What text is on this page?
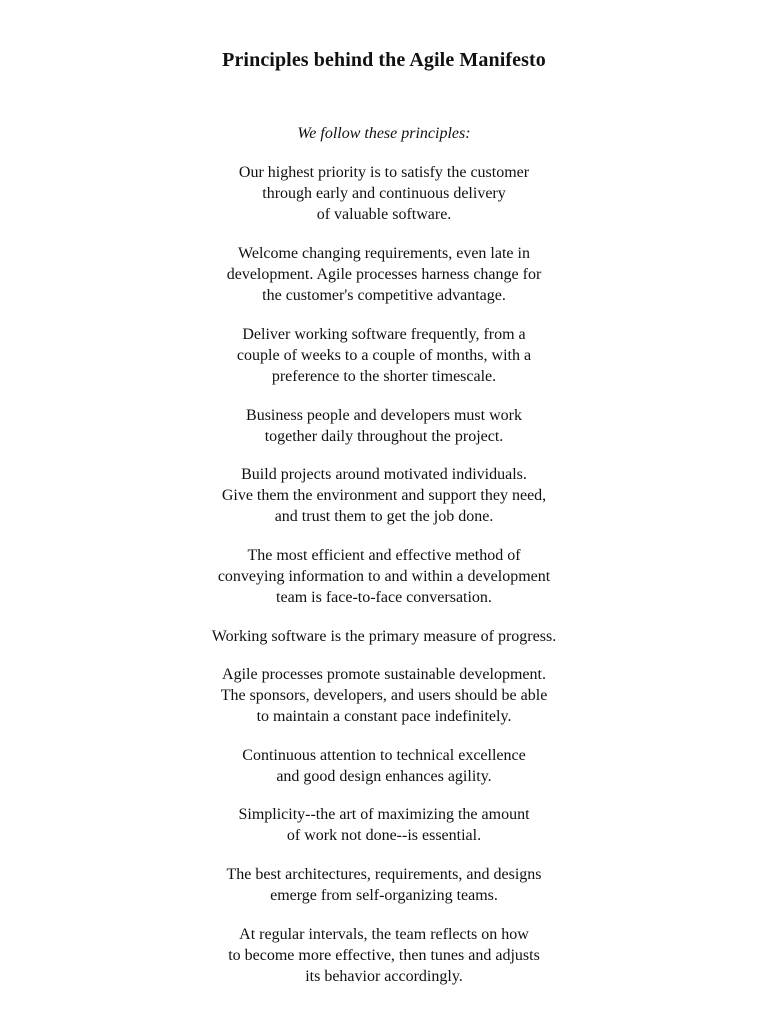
Principles behind the Agile Manifesto
We follow these principles:
Our highest priority is to satisfy the customer
through early and continuous delivery
of valuable software.
Welcome changing requirements, even late in
development. Agile processes harness change for
the customer's competitive advantage.
Deliver working software frequently, from a
couple of weeks to a couple of months, with a
preference to the shorter timescale.
Business people and developers must work
together daily throughout the project.
Build projects around motivated individuals.
Give them the environment and support they need,
and trust them to get the job done.
The most efficient and effective method of
conveying information to and within a development
team is face-to-face conversation.
Working software is the primary measure of progress.
Agile processes promote sustainable development.
The sponsors, developers, and users should be able
to maintain a constant pace indefinitely.
Continuous attention to technical excellence
and good design enhances agility.
Simplicity--the art of maximizing the amount
of work not done--is essential.
The best architectures, requirements, and designs
emerge from self-organizing teams.
At regular intervals, the team reflects on how
to become more effective, then tunes and adjusts
its behavior accordingly.
